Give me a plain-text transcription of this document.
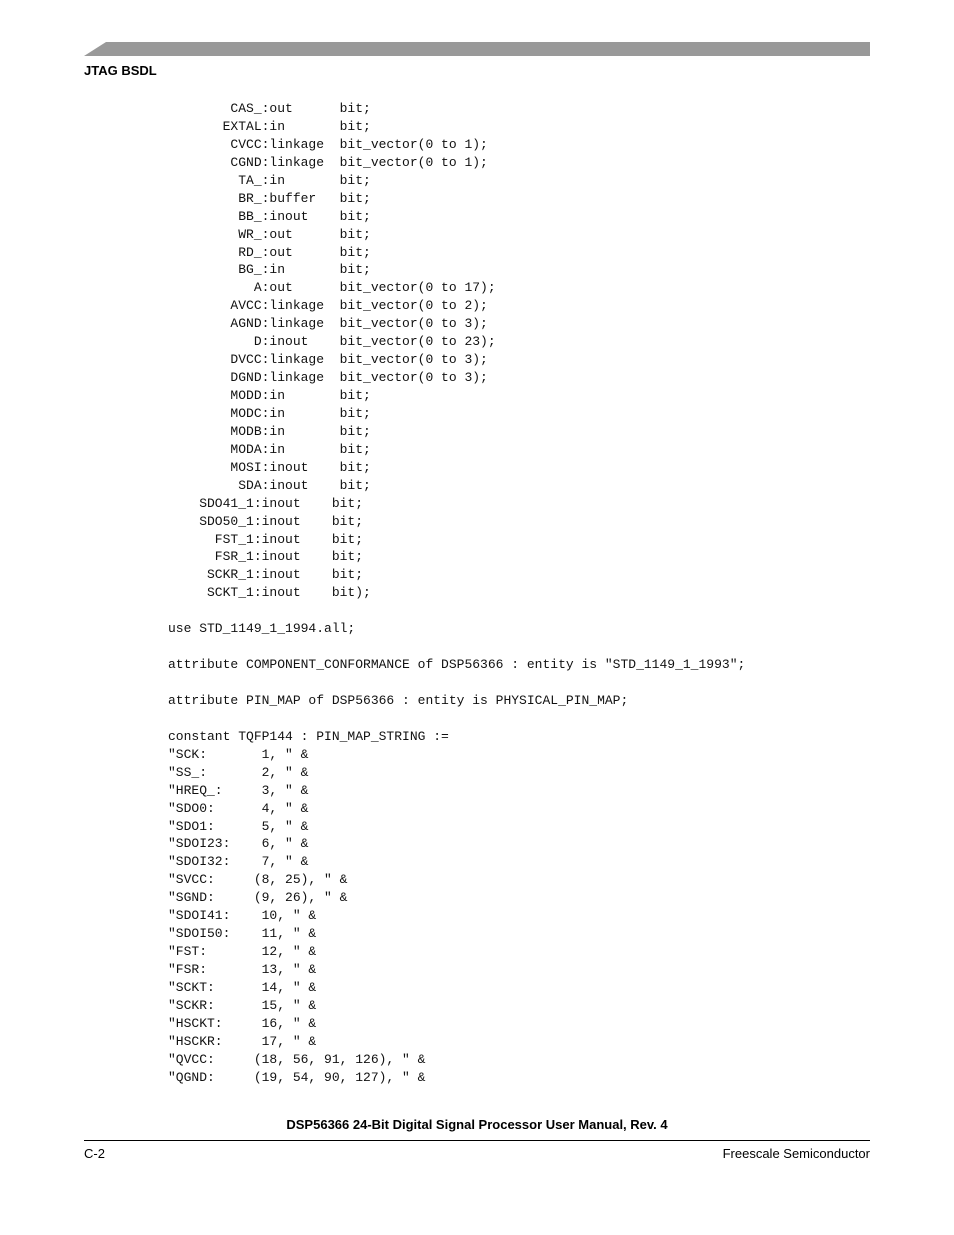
JTAG BSDL

CAS_:out      bit;
EXTAL:in       bit;
CVCC:linkage  bit_vector(0 to 1);
CGND:linkage  bit_vector(0 to 1);
TA_:in       bit;
BR_:buffer   bit;
BB_:inout    bit;
WR_:out      bit;
RD_:out      bit;
BG_:in       bit;
A:out      bit_vector(0 to 17);
AVCC:linkage  bit_vector(0 to 2);
AGND:linkage  bit_vector(0 to 3);
D:inout    bit_vector(0 to 23);
DVCC:linkage  bit_vector(0 to 3);
DGND:linkage  bit_vector(0 to 3);
MODD:in       bit;
MODC:in       bit;
MODB:in       bit;
MODA:in       bit;
MOSI:inout    bit;
SDA:inout    bit;
SDO41_1:inout    bit;
SDO50_1:inout    bit;
FST_1:inout    bit;
FSR_1:inout    bit;
SCKR_1:inout    bit;
SCKT_1:inout    bit);

use STD_1149_1_1994.all;

attribute COMPONENT_CONFORMANCE of DSP56366 : entity is "STD_1149_1_1993";

attribute PIN_MAP of DSP56366 : entity is PHYSICAL_PIN_MAP;

constant TQFP144 : PIN_MAP_STRING :=
"SCK:       1, " &
"SS_:       2, " &
"HREQ_:     3, " &
"SDO0:      4, " &
"SDO1:      5, " &
"SDOI23:    6, " &
"SDOI32:    7, " &
"SVCC:     (8, 25), " &
"SGND:     (9, 26), " &
"SDOI41:    10, " &
"SDOI50:    11, " &
"FST:       12, " &
"FSR:       13, " &
"SCKT:      14, " &
"SCKR:      15, " &
"HSCKT:     16, " &
"HSCKR:     17, " &
"QVCC:     (18, 56, 91, 126), " &
"QGND:     (19, 54, 90, 127), " &

DSP56366 24-Bit Digital Signal Processor User Manual, Rev. 4

C-2	Freescale Semiconductor
